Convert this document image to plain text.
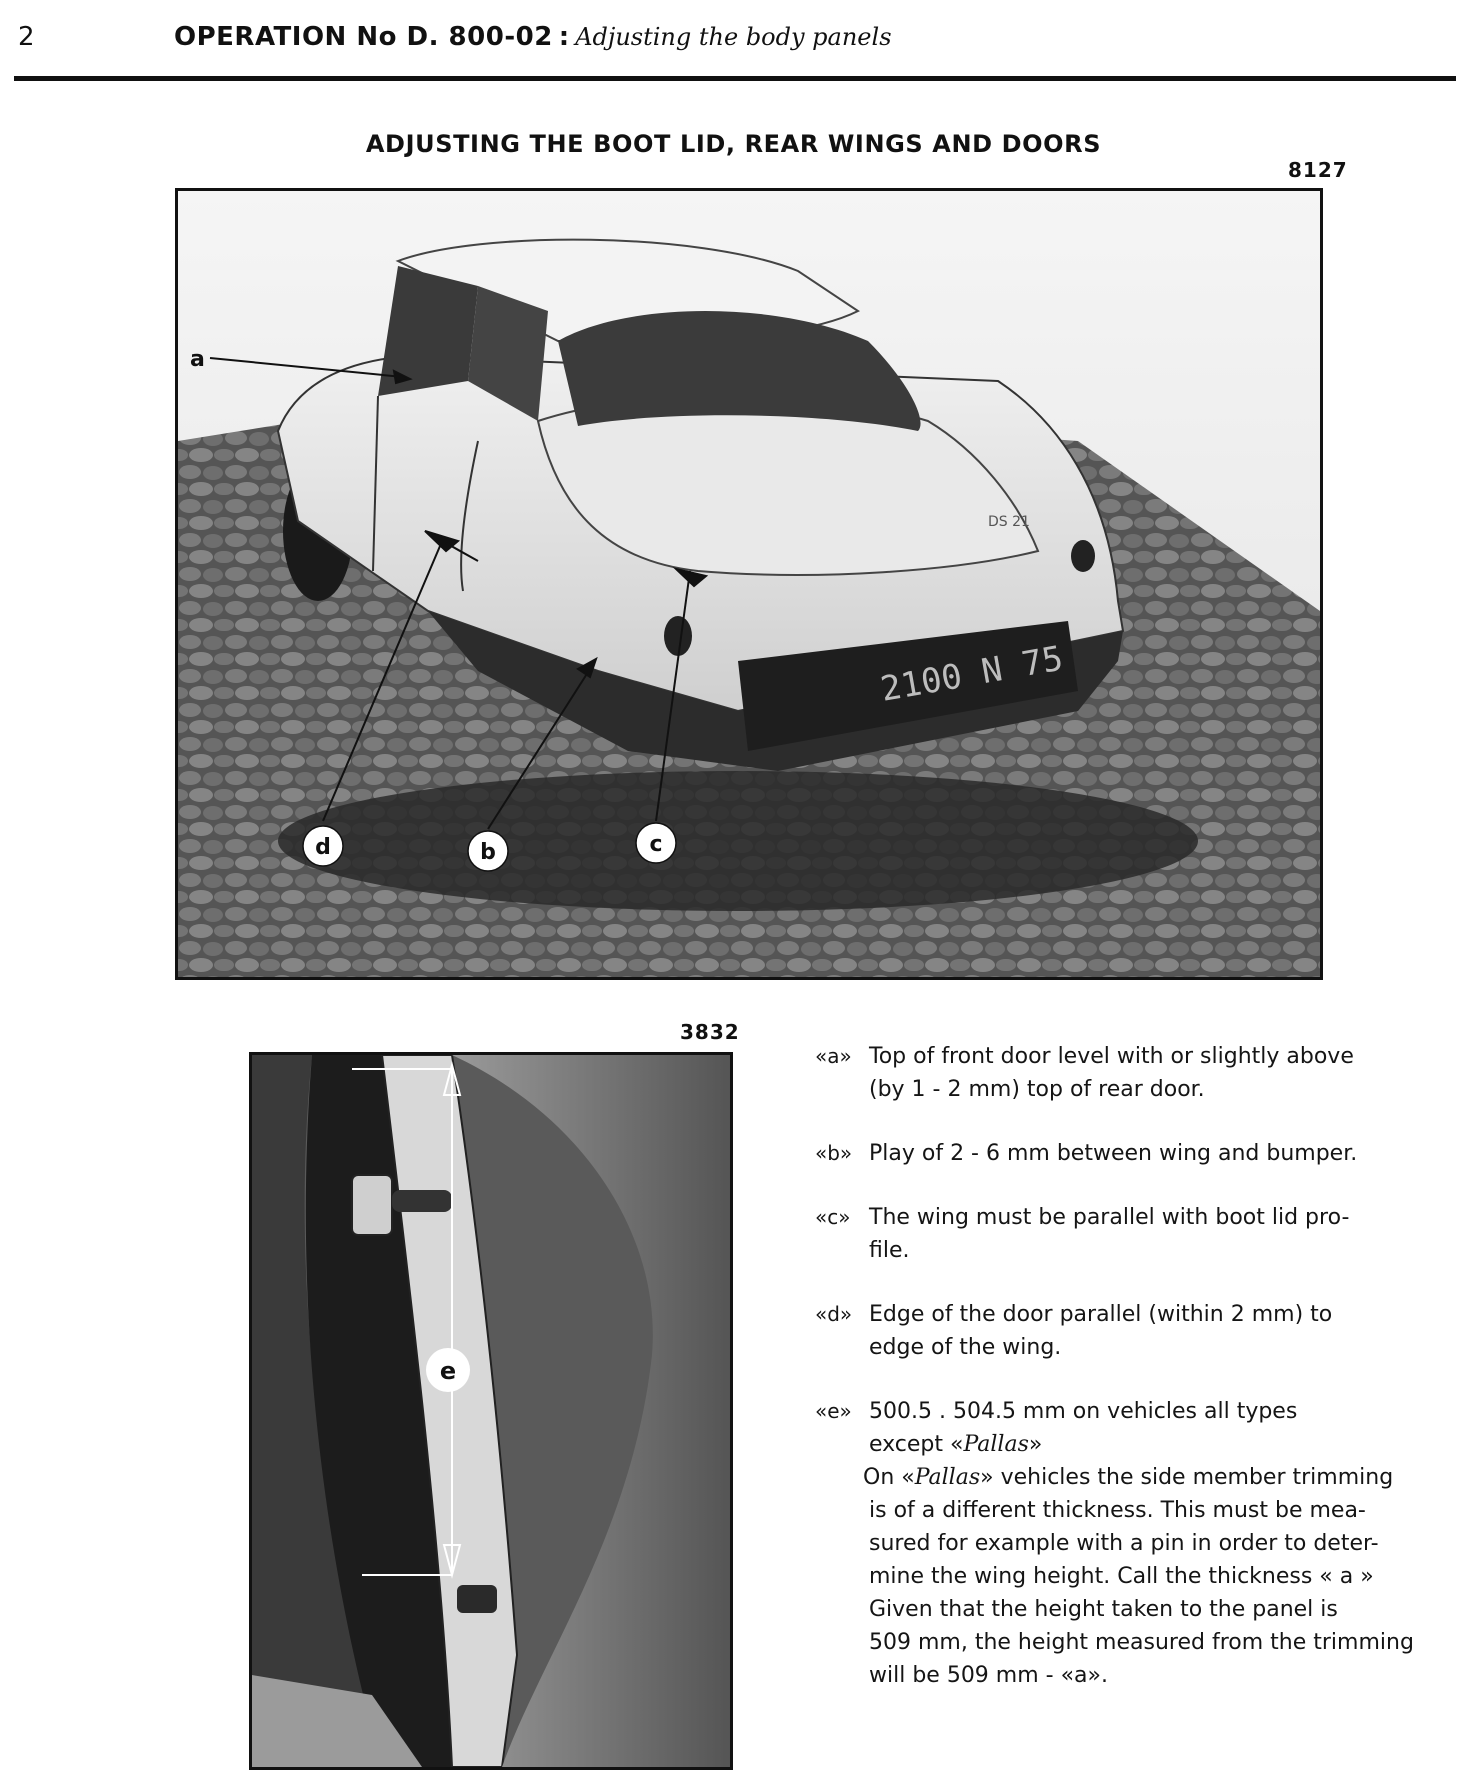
2	OPERATION No D. 800-02 : Adjusting the body panels
ADJUSTING THE BOOT LID, REAR WINGS AND DOORS
8127
2100 N 75
DS 21
a
d	b	c
3832
e
«a» Top of front door level with or slightly above
(by 1 - 2 mm) top of rear door.
«b» Play of 2 - 6 mm between wing and bumper.
«c» The wing must be parallel with boot lid pro-
file.
«d» Edge of the door parallel (within 2 mm) to
edge of the wing.
«e» 500.5 . 504.5 mm on vehicles all types
except «Pallas»
On «Pallas» vehicles the side member trimming
is of a different thickness. This must be mea-
sured for example with a pin in order to deter-
mine the wing height. Call the thickness « a »
Given that the height taken to the panel is
509 mm, the height measured from the trimming
will be 509 mm - «a».
